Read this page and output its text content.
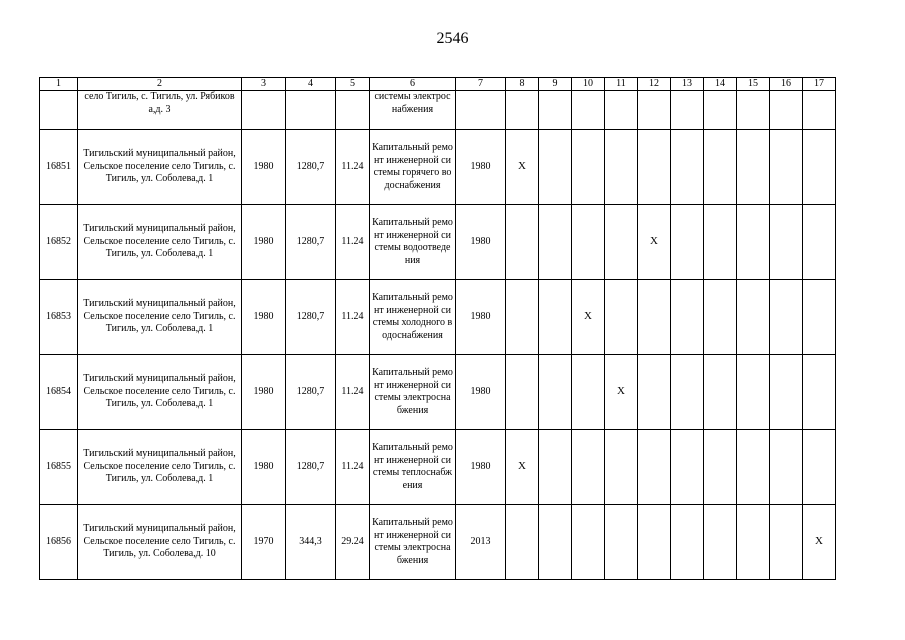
2546
1	2	3	4	5	6	7	8	9	10	11	12	13	14	15	16	17

	село Тигиль, с. Тигиль, ул. Рябикова,д. 3				системы электроснабжения											

16851	Тигильский муниципальный район, Сельское поселение село Тигиль, с. Тигиль, ул. Соболева,д. 1	1980	1280,7	11.24	Капитальный ремонт инженерной системы горячего водоснабжения	1980	X									

16852	Тигильский муниципальный район, Сельское поселение село Тигиль, с. Тигиль, ул. Соболева,д. 1	1980	1280,7	11.24	Капитальный ремонт инженерной системы водоотведения	1980					X					

16853	Тигильский муниципальный район, Сельское поселение село Тигиль, с. Тигиль, ул. Соболева,д. 1	1980	1280,7	11.24	Капитальный ремонт инженерной системы холодного водоснабжения	1980			X							

16854	Тигильский муниципальный район, Сельское поселение село Тигиль, с. Тигиль, ул. Соболева,д. 1	1980	1280,7	11.24	Капитальный ремонт инженерной системы электроснабжения	1980				X						

16855	Тигильский муниципальный район, Сельское поселение село Тигиль, с. Тигиль, ул. Соболева,д. 1	1980	1280,7	11.24	Капитальный ремонт инженерной системы теплоснабжения	1980	X									

16856	Тигильский муниципальный район, Сельское поселение село Тигиль, с. Тигиль, ул. Соболева,д. 10	1970	344,3	29.24	Капитальный ремонт инженерной системы электроснабжения	2013										X
